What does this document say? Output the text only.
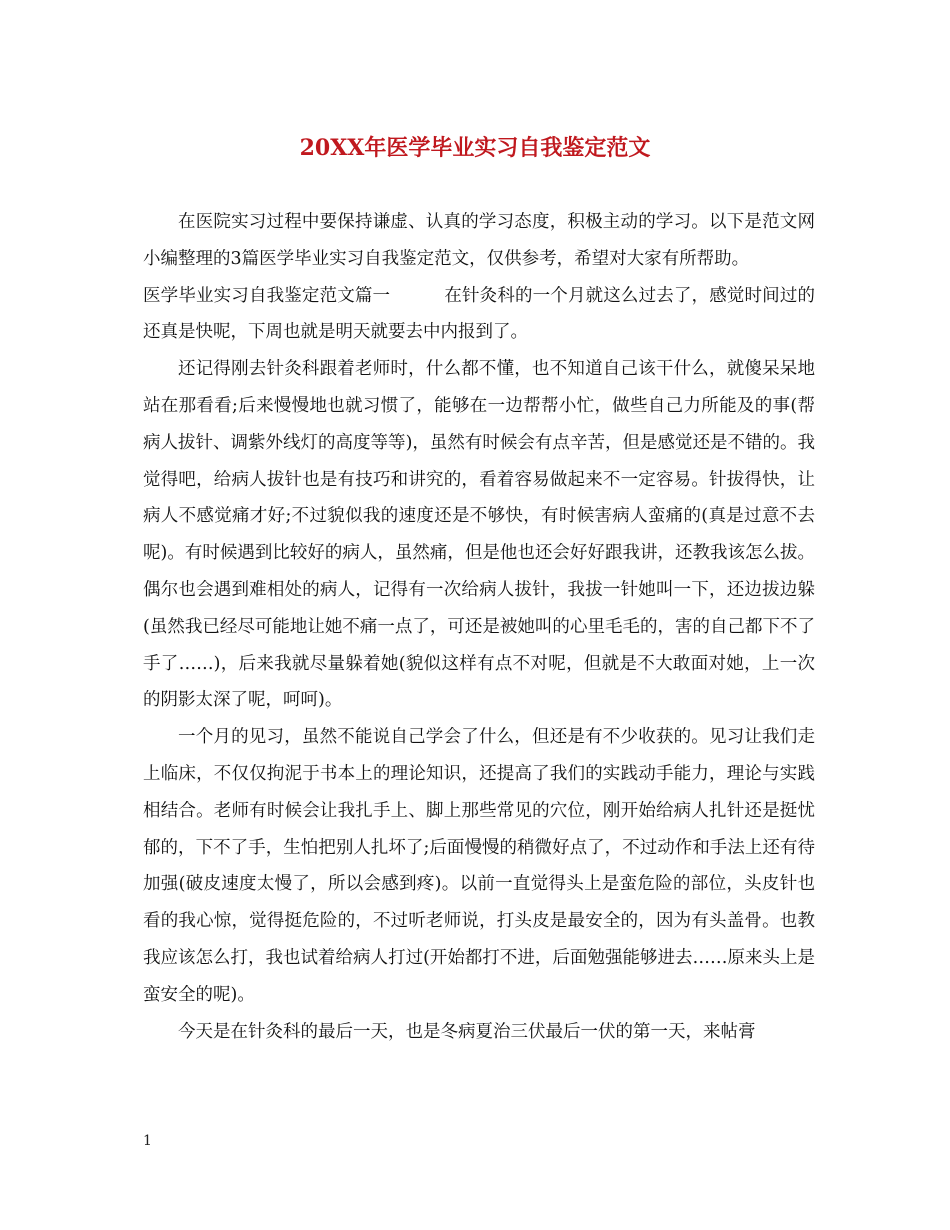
20XX年医学毕业实习自我鉴定范文

在医院实习过程中要保持谦虚、认真的学习态度，积极主动的学习。以下是范文网小编整理的3篇医学毕业实习自我鉴定范文，仅供参考，希望对大家有所帮助。

医学毕业实习自我鉴定范文篇一	在针灸科的一个月就这么过去了，感觉时间过的还真是快呢，下周也就是明天就要去中内报到了。

还记得刚去针灸科跟着老师时，什么都不懂，也不知道自己该干什么，就傻呆呆地站在那看看;后来慢慢地也就习惯了，能够在一边帮帮小忙，做些自己力所能及的事(帮病人拔针、调紫外线灯的高度等等)，虽然有时候会有点辛苦，但是感觉还是不错的。我觉得吧，给病人拔针也是有技巧和讲究的，看着容易做起来不一定容易。针拔得快，让病人不感觉痛才好;不过貌似我的速度还是不够快，有时候害病人蛮痛的(真是过意不去呢)。有时候遇到比较好的病人，虽然痛，但是他也还会好好跟我讲，还教我该怎么拔。偶尔也会遇到难相处的病人，记得有一次给病人拔针，我拔一针她叫一下，还边拔边躲(虽然我已经尽可能地让她不痛一点了，可还是被她叫的心里毛毛的，害的自己都下不了手了……)，后来我就尽量躲着她(貌似这样有点不对呢，但就是不大敢面对她，上一次的阴影太深了呢，呵呵)。

一个月的见习，虽然不能说自己学会了什么，但还是有不少收获的。见习让我们走上临床，不仅仅拘泥于书本上的理论知识，还提高了我们的实践动手能力，理论与实践相结合。老师有时候会让我扎手上、脚上那些常见的穴位，刚开始给病人扎针还是挺忧郁的，下不了手，生怕把别人扎坏了;后面慢慢的稍微好点了，不过动作和手法上还有待加强(破皮速度太慢了，所以会感到疼)。以前一直觉得头上是蛮危险的部位，头皮针也看的我心惊，觉得挺危险的，不过听老师说，打头皮是最安全的，因为有头盖骨。也教我应该怎么打，我也试着给病人打过(开始都打不进，后面勉强能够进去……原来头上是蛮安全的呢)。

今天是在针灸科的最后一天，也是冬病夏治三伏最后一伏的第一天，来帖膏

1
